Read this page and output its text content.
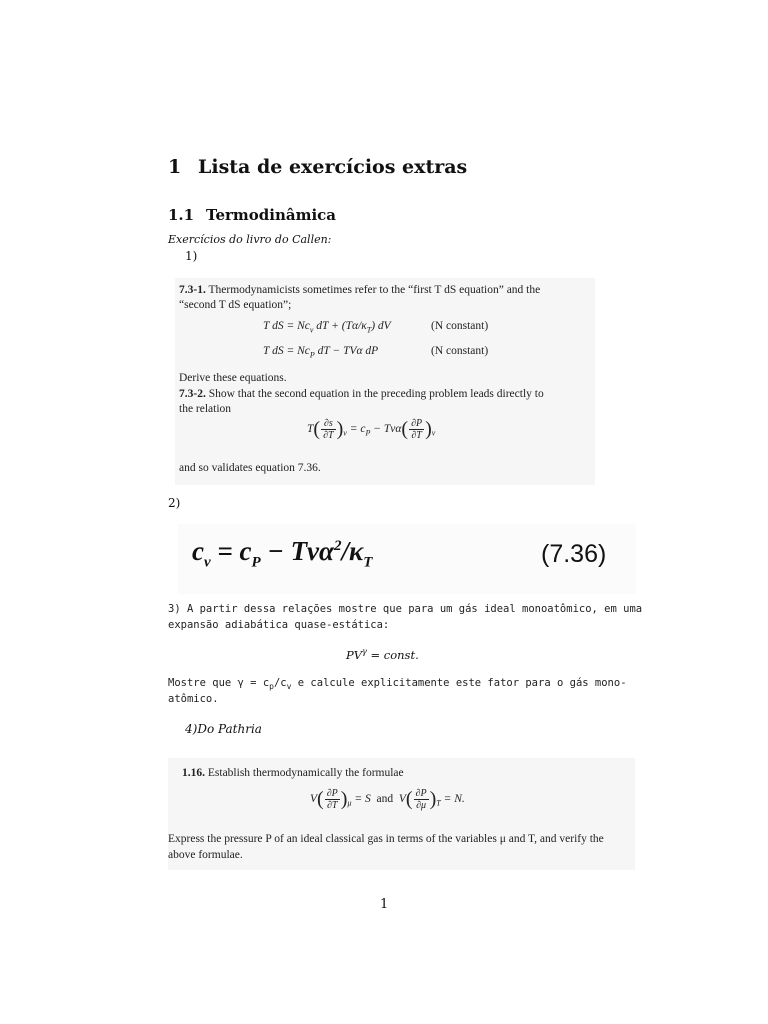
1 Lista de exercícios extras
1.1 Termodinâmica
Exercícios do livro do Callen:
1)
7.3-1. Thermodynamicists sometimes refer to the “first T dS equation” and the
“second T dS equation”;
T dS = $Nc_v$ dT + $(T\alpha/\kappa_T)$ dV	(N constant)
T dS = $Nc_P$ dT − TVα dP	(N constant)
Derive these equations.
7.3-2. Show that the second equation in the preceding problem leads directly to
the relation
$T( \frac{\partial s}{\partial T} )_v = c_P - Tv\alpha( \frac{\partial P}{\partial T} )_v$
and so validates equation 7.36.
2)
$c_v = c_P - Tv\alpha^2/\kappa_T$	(7.36)
3) A partir dessa relações mostre que para um gás ideal monoatômico, em uma
expansão adiabática quase-estática:
$PV^\gamma$ = const.
Mostre que $\gamma = c_p/c_v$ e calcule explicitamente este fator para o gás mono-
atômico.
4)Do Pathria
1.16. Establish thermodynamically the formulae
$V( \frac{\partial P}{\partial T} )_\mu = S$ and  $V( \frac{\partial P}{\partial\mu} )_T = N$.
Express the pressure P of an ideal classical gas in terms of the variables μ and T, and verify the
above formulae.
1
